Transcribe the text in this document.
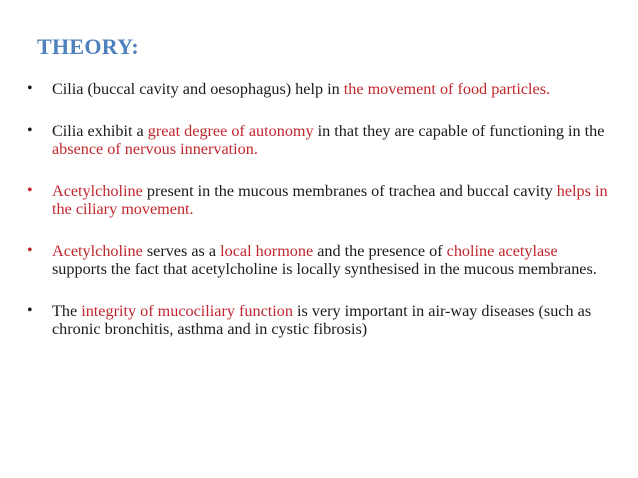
THEORY:
• Cilia (buccal cavity and oesophagus) help in the movement of food particles.
• Cilia exhibit a great degree of autonomy in that they are capable of functioning in the absence of nervous innervation.
• Acetylcholine present in the mucous membranes of trachea and buccal cavity helps in the ciliary movement.
• Acetylcholine serves as a local hormone and the presence of choline acetylase supports the fact that acetylcholine is locally synthesised in the mucous membranes.
• The integrity of mucociliary function is very important in air-way diseases (such as chronic bronchitis, asthma and in cystic fibrosis)
